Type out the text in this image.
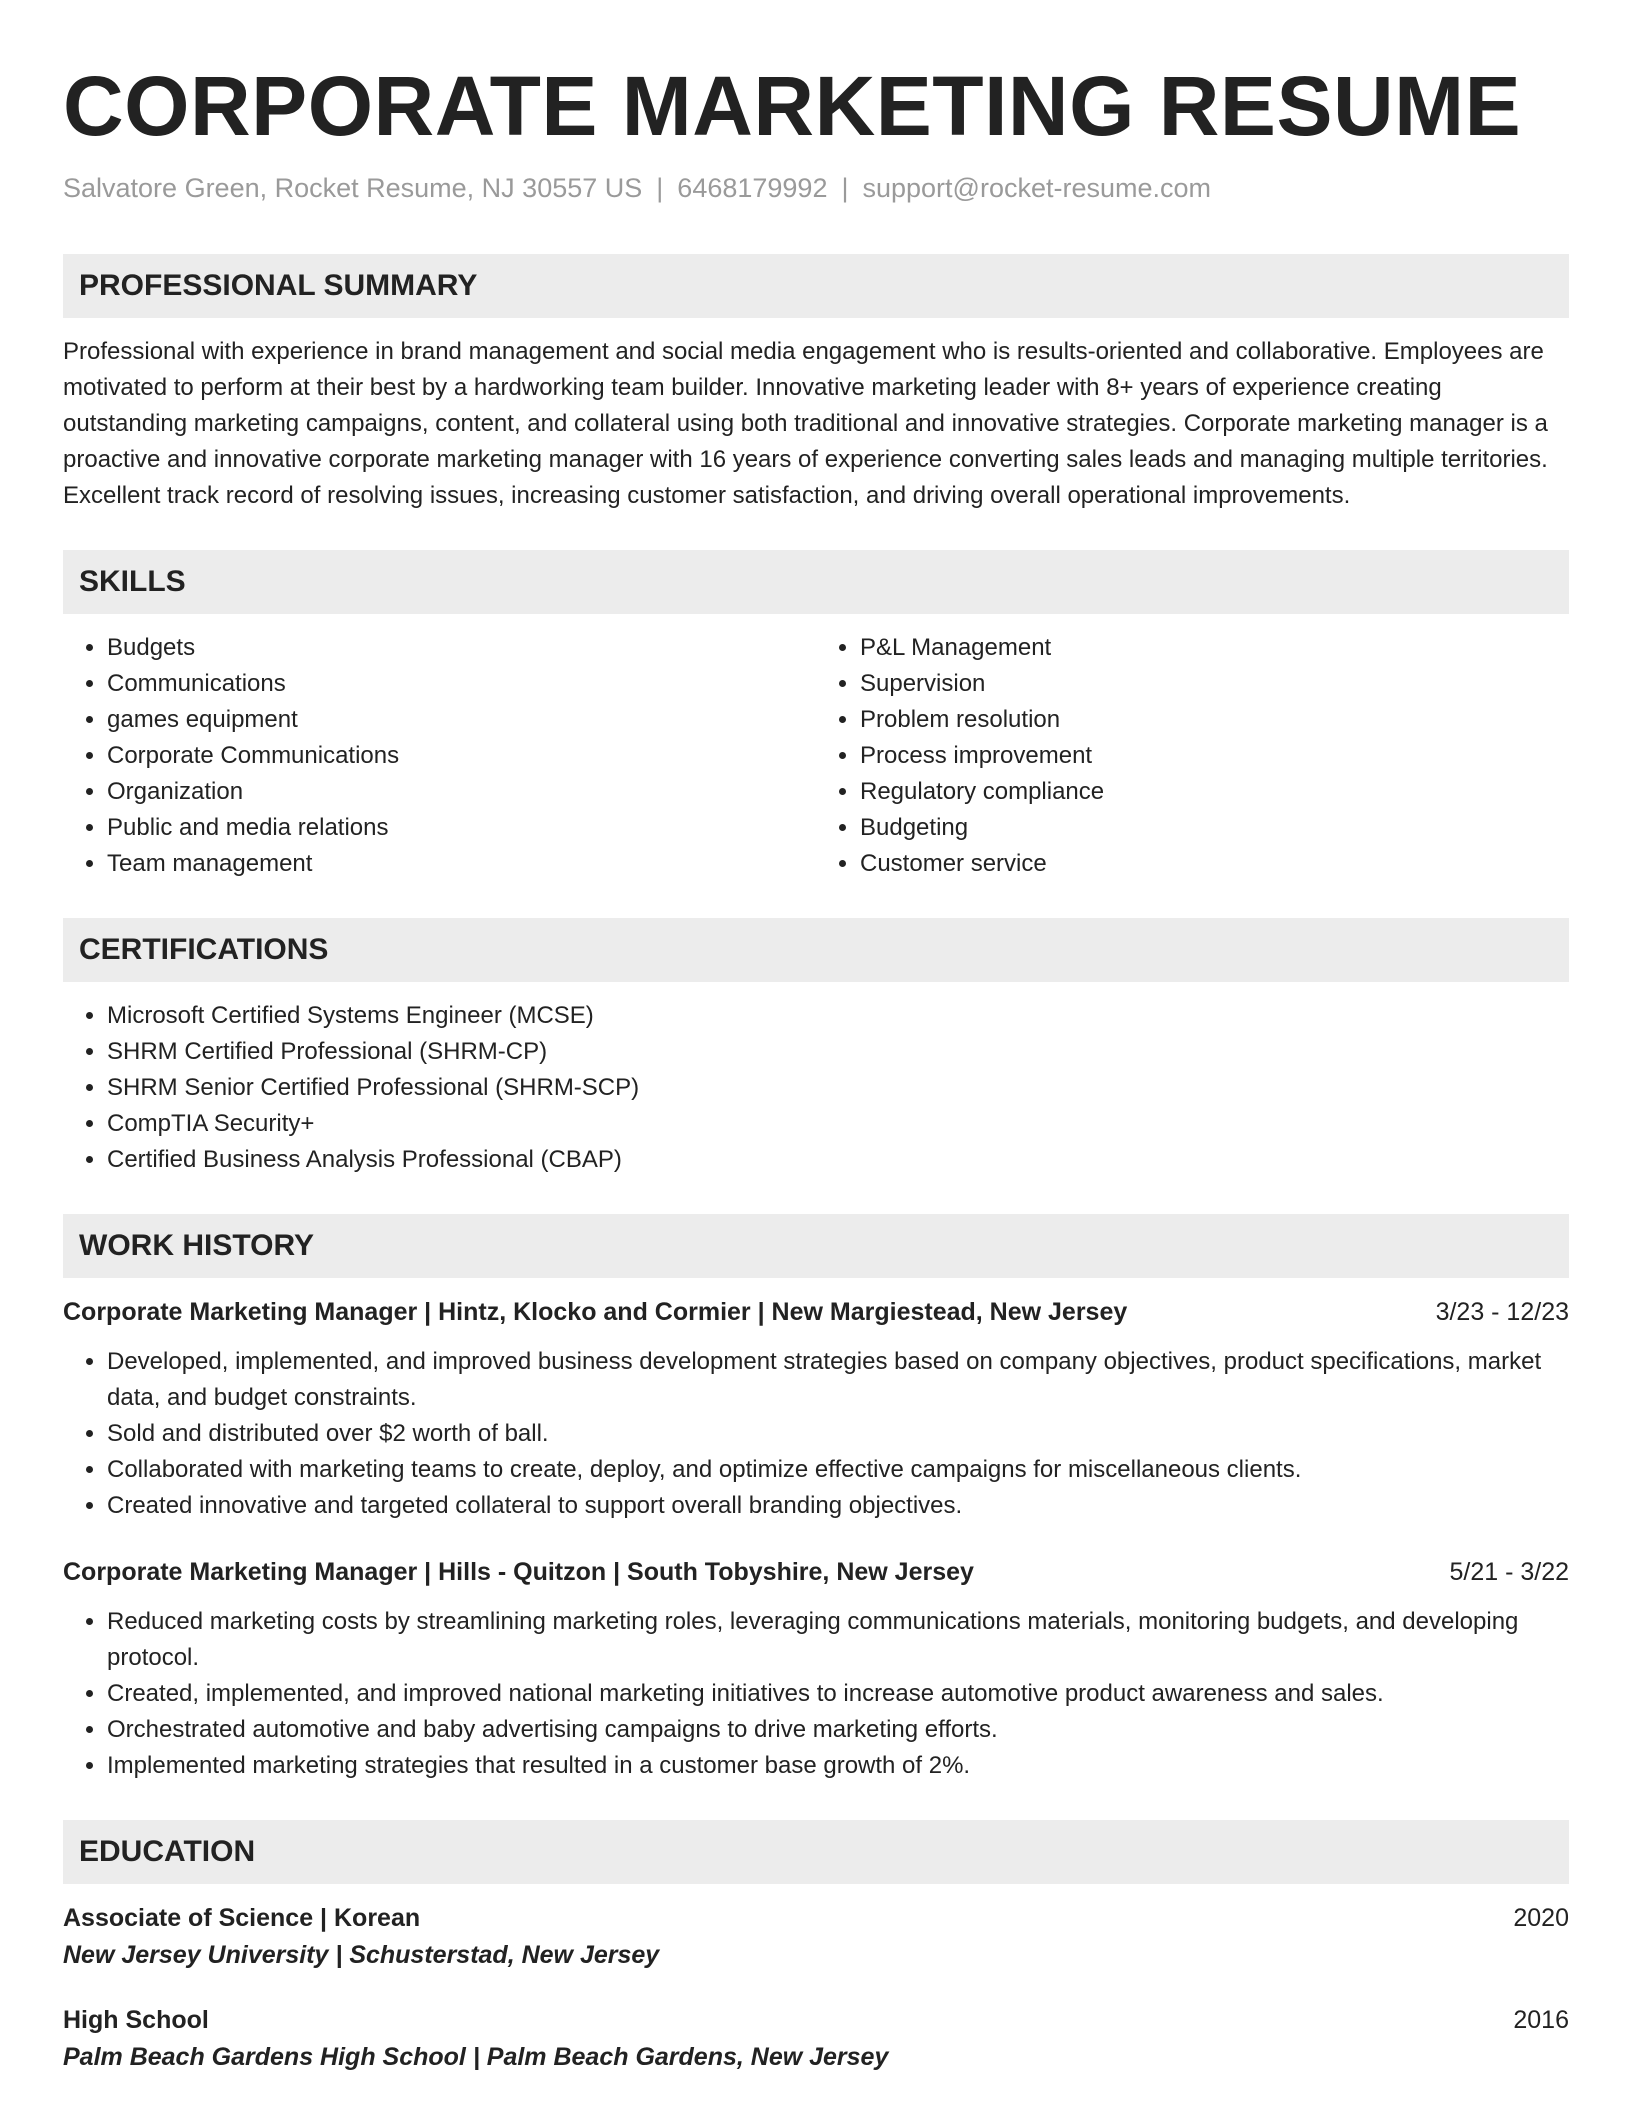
CORPORATE MARKETING RESUME
Salvatore Green, Rocket Resume, NJ 30557 US | 6468179992 | support@rocket-resume.com
PROFESSIONAL SUMMARY

Professional with experience in brand management and social media engagement who is results-oriented and collaborative. Employees are motivated to perform at their best by a hardworking team builder. Innovative marketing leader with 8+ years of experience creating outstanding marketing campaigns, content, and collateral using both traditional and innovative strategies. Corporate marketing manager is a proactive and innovative corporate marketing manager with 16 years of experience converting sales leads and managing multiple territories. Excellent track record of resolving issues, increasing customer satisfaction, and driving overall operational improvements.

SKILLS
• Budgets
• Communications
• games equipment
• Corporate Communications
• Organization
• Public and media relations
• Team management
• P&L Management
• Supervision
• Problem resolution
• Process improvement
• Regulatory compliance
• Budgeting
• Customer service
CERTIFICATIONS
• Microsoft Certified Systems Engineer (MCSE)
• SHRM Certified Professional (SHRM-CP)
• SHRM Senior Certified Professional (SHRM-SCP)
• CompTIA Security+
• Certified Business Analysis Professional (CBAP)
WORK HISTORY
Corporate Marketing Manager | Hintz, Klocko and Cormier | New Margiestead, New Jersey	3/23 - 12/23
• Developed, implemented, and improved business development strategies based on company objectives, product specifications, market data, and budget constraints.
• Sold and distributed over $2 worth of ball.
• Collaborated with marketing teams to create, deploy, and optimize effective campaigns for miscellaneous clients.
• Created innovative and targeted collateral to support overall branding objectives.
Corporate Marketing Manager | Hills - Quitzon | South Tobyshire, New Jersey	5/21 - 3/22
• Reduced marketing costs by streamlining marketing roles, leveraging communications materials, monitoring budgets, and developing protocol.
• Created, implemented, and improved national marketing initiatives to increase automotive product awareness and sales.
• Orchestrated automotive and baby advertising campaigns to drive marketing efforts.
• Implemented marketing strategies that resulted in a customer base growth of 2%.
EDUCATION
Associate of Science | Korean	2020
New Jersey University | Schusterstad, New Jersey
High School	2016
Palm Beach Gardens High School | Palm Beach Gardens, New Jersey
